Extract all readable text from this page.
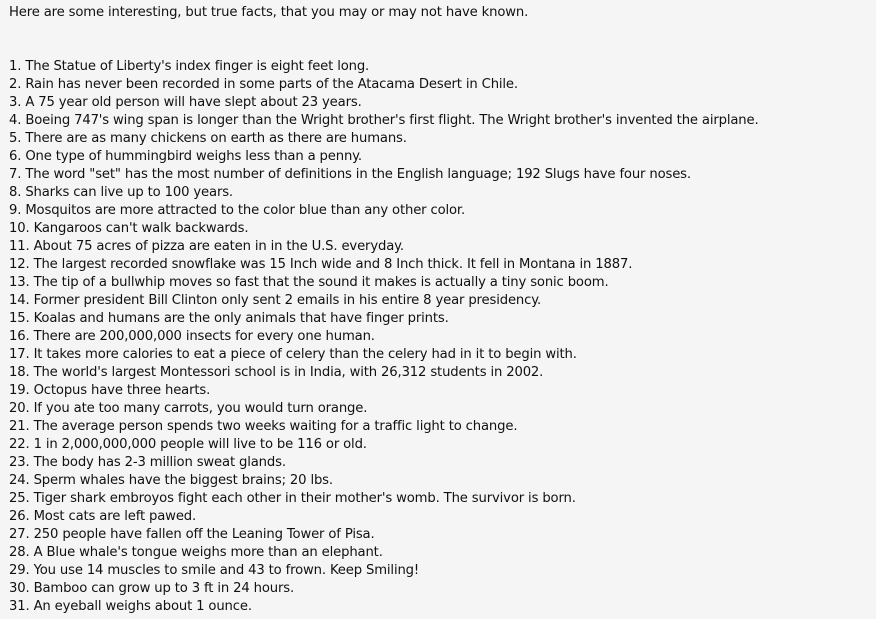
Here are some interesting, but true facts, that you may or may not have known.
1. The Statue of Liberty's index finger is eight feet long.
2. Rain has never been recorded in some parts of the Atacama Desert in Chile.
3. A 75 year old person will have slept about 23 years.
4. Boeing 747's wing span is longer than the Wright brother's first flight. The Wright brother's invented the airplane.
5. There are as many chickens on earth as there are humans.
6. One type of hummingbird weighs less than a penny.
7. The word "set" has the most number of definitions in the English language; 192 Slugs have four noses.
8. Sharks can live up to 100 years.
9. Mosquitos are more attracted to the color blue than any other color.
10. Kangaroos can't walk backwards.
11. About 75 acres of pizza are eaten in in the U.S. everyday.
12. The largest recorded snowflake was 15 Inch wide and 8 Inch thick. It fell in Montana in 1887.
13. The tip of a bullwhip moves so fast that the sound it makes is actually a tiny sonic boom.
14. Former president Bill Clinton only sent 2 emails in his entire 8 year presidency.
15. Koalas and humans are the only animals that have finger prints.
16. There are 200,000,000 insects for every one human.
17. It takes more calories to eat a piece of celery than the celery had in it to begin with.
18. The world's largest Montessori school is in India, with 26,312 students in 2002.
19. Octopus have three hearts.
20. If you ate too many carrots, you would turn orange.
21. The average person spends two weeks waiting for a traffic light to change.
22. 1 in 2,000,000,000 people will live to be 116 or old.
23. The body has 2-3 million sweat glands.
24. Sperm whales have the biggest brains; 20 lbs.
25. Tiger shark embroyos fight each other in their mother's womb. The survivor is born.
26. Most cats are left pawed.
27. 250 people have fallen off the Leaning Tower of Pisa.
28. A Blue whale's tongue weighs more than an elephant.
29. You use 14 muscles to smile and 43 to frown. Keep Smiling!
30. Bamboo can grow up to 3 ft in 24 hours.
31. An eyeball weighs about 1 ounce.
